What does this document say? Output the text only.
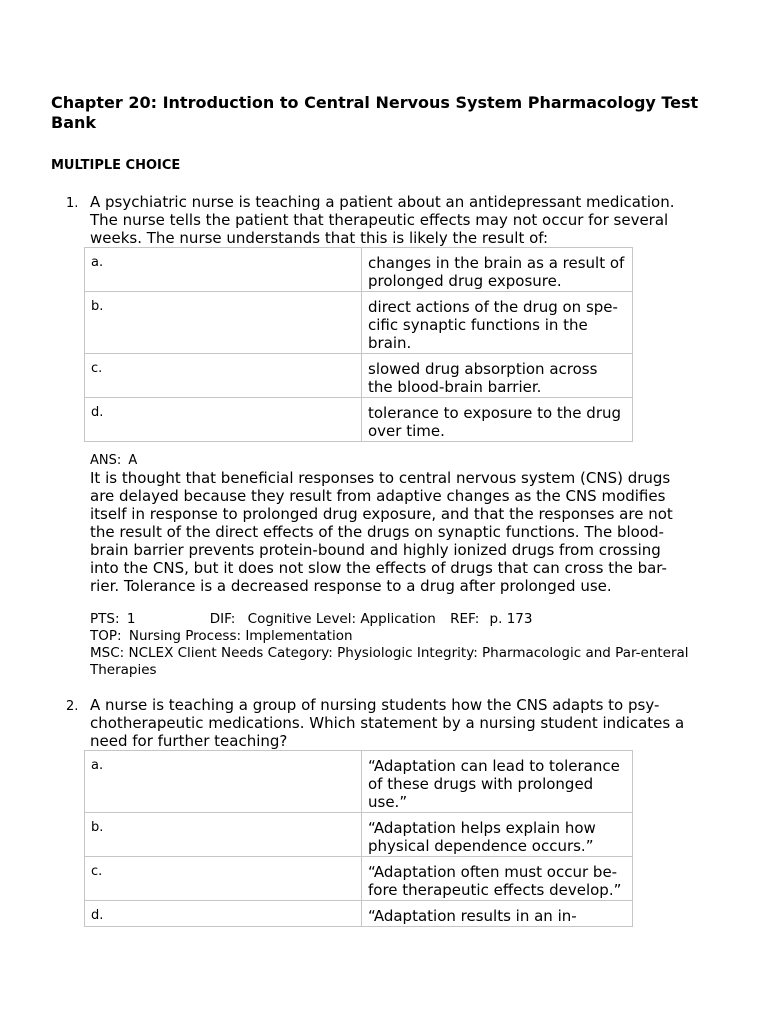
Chapter 20: Introduction to Central Nervous System Pharmacology Test Bank
MULTIPLE CHOICE
1. A psychiatric nurse is teaching a patient about an antidepressant medication. The nurse tells the patient that therapeutic effects may not occur for several weeks. The nurse understands that this is likely the result of:

a.	changes in the brain as a result of prolonged drug exposure.
b.	direct actions of the drug on spe-cific synaptic functions in the brain.
c.	slowed drug absorption across the blood-brain barrier.
d.	tolerance to exposure to the drug over time.
ANS: A

It is thought that beneficial responses to central nervous system (CNS) drugs are delayed because they result from adaptive changes as the CNS modifies itself in response to prolonged drug exposure, and that the responses are not the result of the direct effects of the drugs on synaptic functions. The blood-brain barrier prevents protein-bound and highly ionized drugs from crossing into the CNS, but it does not slow the effects of drugs that can cross the bar-rier. Tolerance is a decreased response to a drug after prolonged use.

PTS: 1	DIF: Cognitive Level: Application REF: p. 173
TOP: Nursing Process: Implementation
MSC: NCLEX Client Needs Category: Physiologic Integrity: Pharmacologic and Par-enteral Therapies
2. A nurse is teaching a group of nursing students how the CNS adapts to psy-chotherapeutic medications. Which statement by a nursing student indicates a need for further teaching?

a.	“Adaptation can lead to tolerance of these drugs with prolonged use.”
b.	“Adaptation helps explain how physical dependence occurs.”
c.	“Adaptation often must occur be-fore therapeutic effects develop.”
d.	“Adaptation results in an in-
